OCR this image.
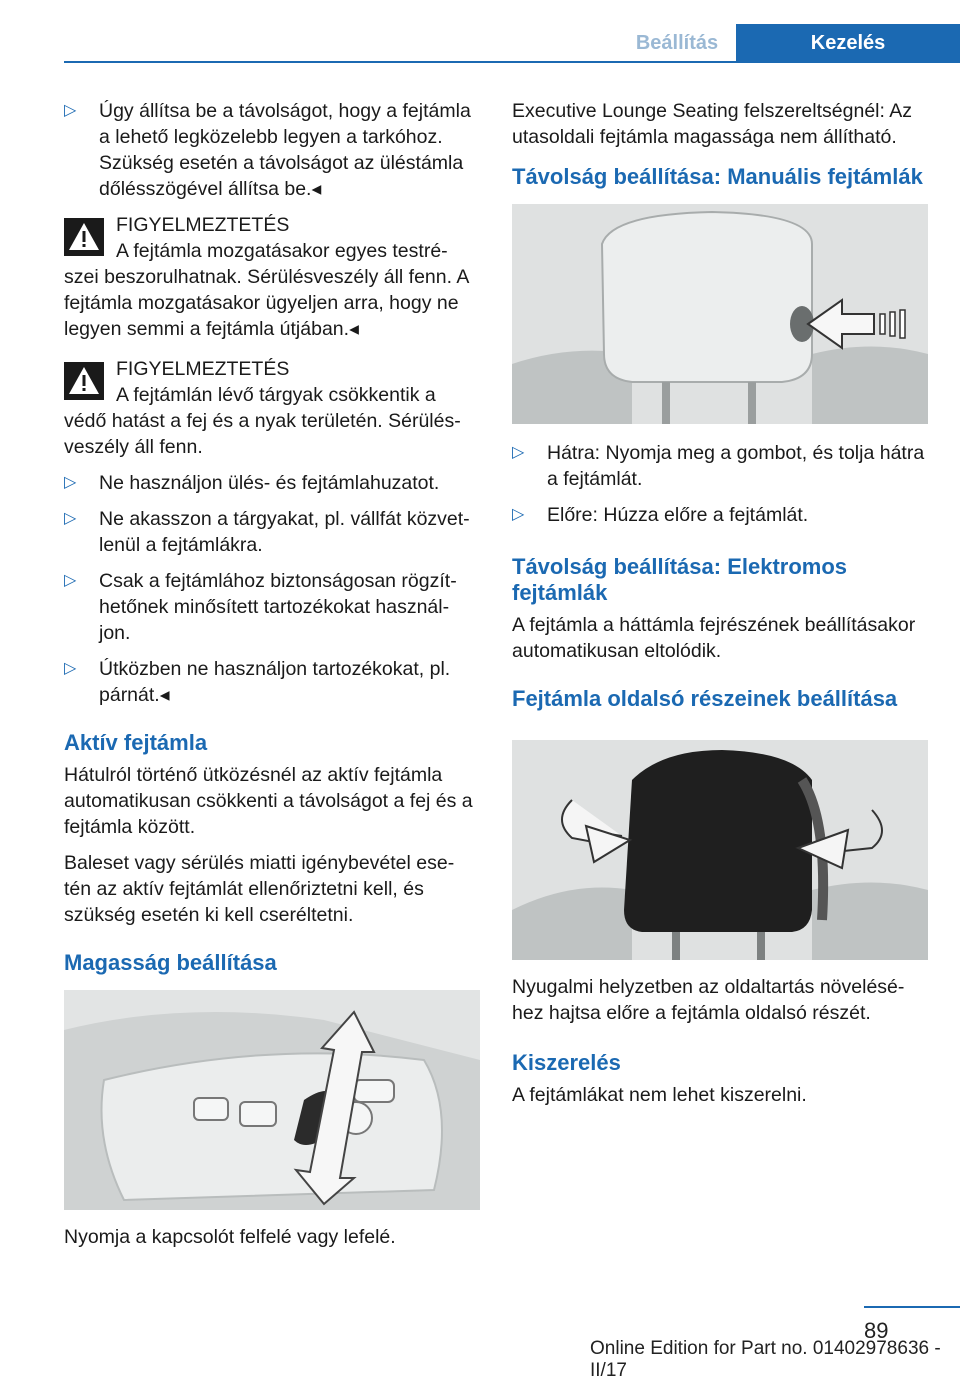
Beállítás	Kezelés
▷ Úgy állítsa be a távolságot, hogy a fejtámla a lehető legközelebb legyen a tarkóhoz. Szükség esetén a távolságot az üléstámla dőlésszögével állítsa be.◂
FIGYELMEZTETÉS
A fejtámla mozgatásakor egyes testré-
szei beszorulhatnak. Sérülésveszély áll fenn. A fejtámla mozgatásakor ügyeljen arra, hogy ne legyen semmi a fejtámla útjában.◂
FIGYELMEZTETÉS
A fejtámlán lévő tárgyak csökkentik a
védő hatást a fej és a nyak területén. Sérülés-veszély áll fenn.
▷ Ne használjon ülés- és fejtámlahuzatot.
▷ Ne akasszon a tárgyakat, pl. vállfát közvet-lenül a fejtámlákra.
▷ Csak a fejtámlához biztonságosan rögzít-hetőnek minősített tartozékokat használ-jon.
▷ Útközben ne használjon tartozékokat, pl. párnát.◂
Aktív fejtámla

Hátulról történő ütközésnél az aktív fejtámla automatikusan csökkenti a távolságot a fej és a fejtámla között.

Baleset vagy sérülés miatti igénybevétel ese-tén az aktív fejtámlát ellenőriztetni kell, és szükség esetén ki kell cseréltetni.

Magasság beállítása

Nyomja a kapcsolót felfelé vagy lefelé.

Executive Lounge Seating felszereltségnél: Az utasoldali fejtámla magassága nem állítható.

Távolság beállítása: Manuális fejtámlák
▷ Hátra: Nyomja meg a gombot, és tolja hátra a fejtámlát.
▷ Előre: Húzza előre a fejtámlát.
Távolság beállítása: Elektromos fejtámlák

A fejtámla a háttámla fejrészének beállításakor automatikusan eltolódik.

Fejtámla oldalsó részeinek beállítása

Nyugalmi helyzetben az oldaltartás növelésé-hez hajtsa előre a fejtámla oldalsó részét.

Kiszerelés

A fejtámlákat nem lehet kiszerelni.

89
Online Edition for Part no. 01402978636 - II/17
